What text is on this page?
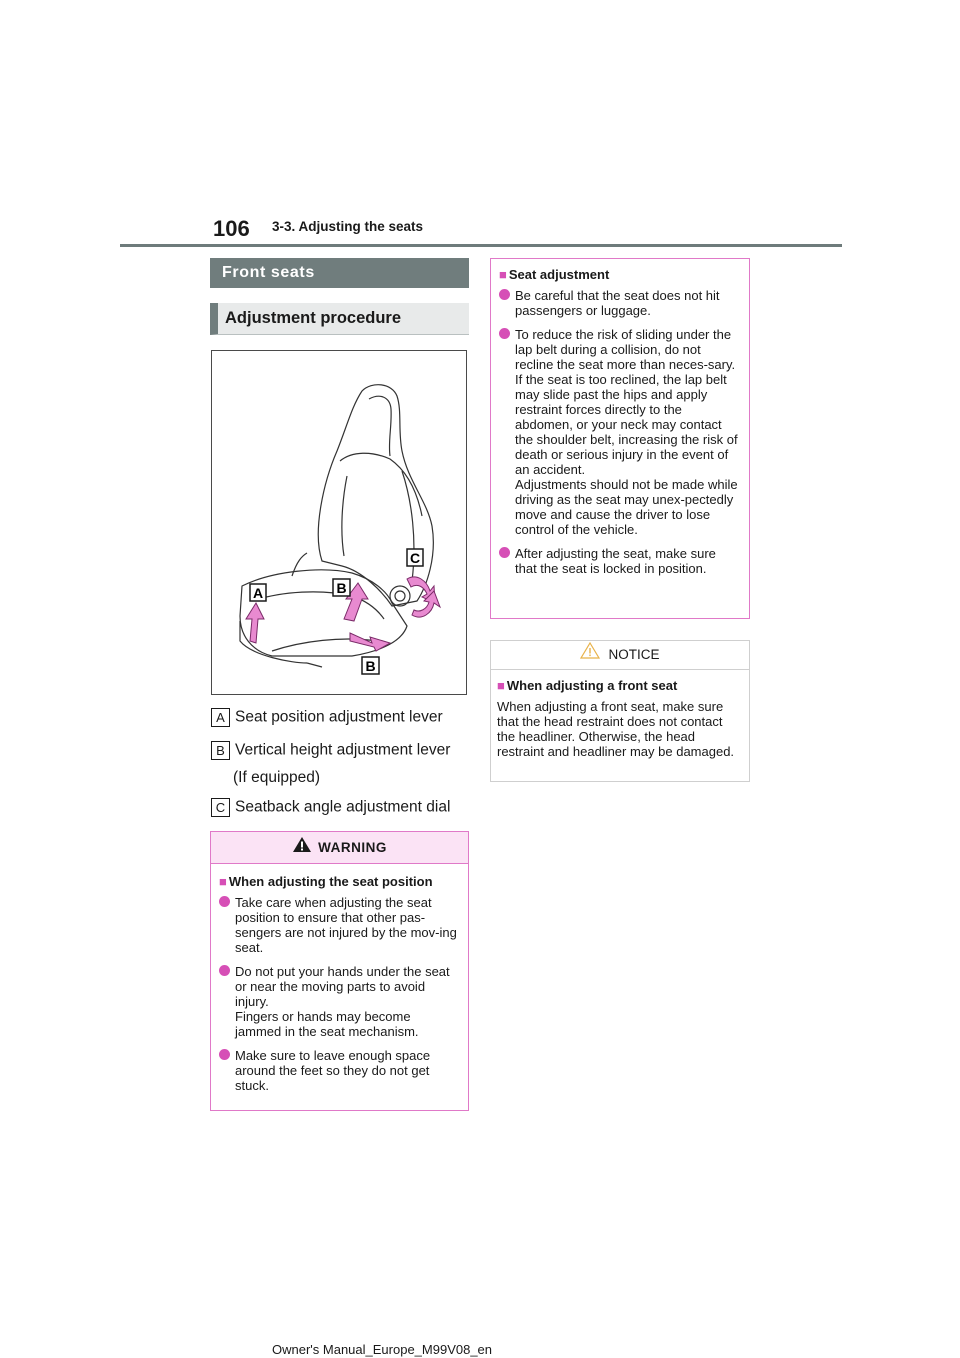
106 3-3. Adjusting the seats
Front seats
Adjustment procedure
A	B
B
C
A Seat position adjustment lever
B Vertical height adjustment lever
(If equipped)
C Seatback angle adjustment dial
WARNING
■ When adjusting the seat position

Take care when adjusting the seat position to ensure that other pas-sengers are not injured by the mov-ing seat.

Do not put your hands under the seat or near the moving parts to avoid injury.

Fingers or hands may become jammed in the seat mechanism.

Make sure to leave enough space around the feet so they do not get stuck.

■ Seat adjustment

Be careful that the seat does not hit passengers or luggage.

To reduce the risk of sliding under the lap belt during a collision, do not recline the seat more than neces-sary.

If the seat is too reclined, the lap belt may slide past the hips and apply restraint forces directly to the abdomen, or your neck may contact the shoulder belt, increasing the risk of death or serious injury in the event of an accident.

Adjustments should not be made while driving as the seat may unex-pectedly move and cause the driver to lose control of the vehicle.

After adjusting the seat, make sure that the seat is locked in position.

NOTICE
■ When adjusting a front seat

When adjusting a front seat, make sure that the head restraint does not contact the headliner. Otherwise, the head restraint and headliner may be damaged.

Owner's Manual_Europe_M99V08_en
